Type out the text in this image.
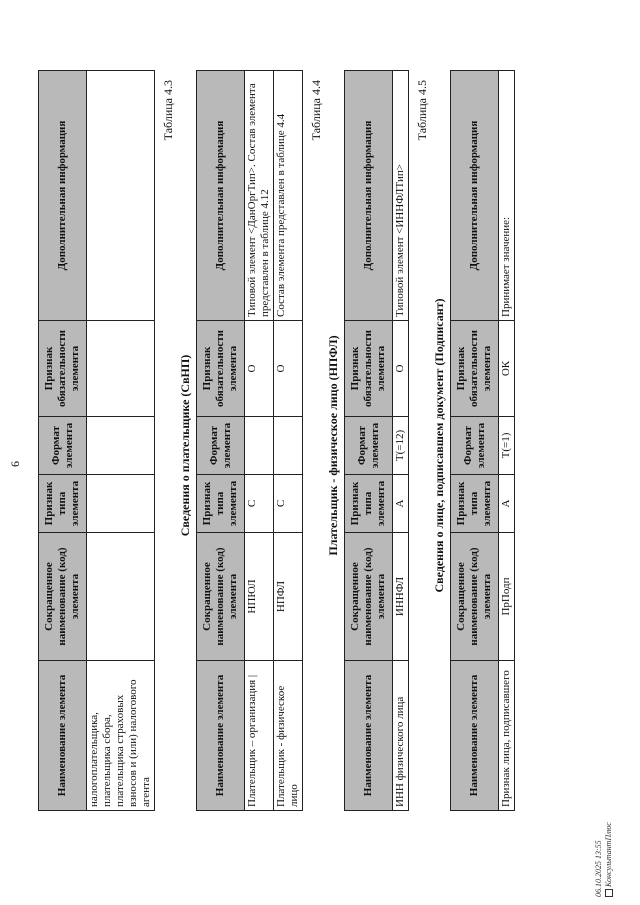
6
Наименование элемента	Сокращенное наименование (код) элемента	Признак типа элемента	Формат элемента	Признак обязательности элемента	Дополнительная информация
налогоплательщика, плательщика сбора, плательщика страховых взносов и (или) налогового агента					
Таблица 4.3
Сведения о плательщике (СвНП)
Наименование элемента	Сокращенное наименование (код) элемента	Признак типа элемента	Формат элемента	Признак обязательности элемента	Дополнительная информация
Плательщик – организация |	НПЮЛ	С		О	Типовой элемент <ДанОргТип>. Состав элемента представлен в таблице 4.12
Плательщик - физическое лицо	НПФЛ	С		О	Состав элемента представлен в таблице 4.4
Таблица 4.4
Плательщик - физическое лицо (НПФЛ)
Наименование элемента	Сокращенное наименование (код) элемента	Признак типа элемента	Формат элемента	Признак обязательности элемента	Дополнительная информация
ИНН физического лица	ИННФЛ	А	T(=12)	О	Типовой элемент <ИННФЛТип>
Таблица 4.5
Сведения о лице, подписавшем документ (Подписант)
Наименование элемента	Сокращенное наименование (код) элемента	Признак типа элемента	Формат элемента	Признак обязательности элемента	Дополнительная информация
Признак лица, подписавшего	ПрПодп	А	T(=1)	ОК	Принимает значение:
06.10.2025 13:55 КонсультантПлюс
